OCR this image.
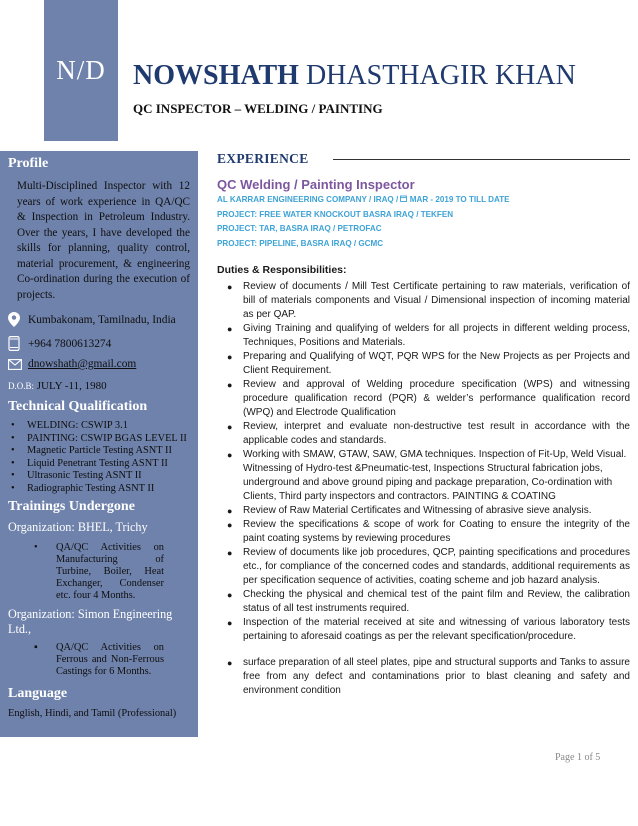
N/D NOWSHATH DHASTHAGIR KHAN
QC INSPECTOR – WELDING / PAINTING
Profile
Multi-Disciplined Inspector with 12 years of work experience in QA/QC & Inspection in Petroleum Industry. Over the years, I have developed the skills for planning, quality control, material procurement, & engineering Co-ordination during the execution of projects.
Kumbakonam, Tamilnadu, India
+964 7800613274
dnowshath@gmail.com
D.O.B: JULY -11, 1980
Technical Qualification
•	WELDING: CSWIP 3.1
•	PAINTING: CSWIP BGAS LEVEL II
•	Magnetic Particle Testing ASNT II
•	Liquid Penetrant Testing ASNT II
•	Ultrasonic Testing ASNT II
•	Radiographic Testing ASNT II
Trainings Undergone
Organization: BHEL, Trichy
•	QA/QC Activities on Manufacturing of Turbine, Boiler, Heat Exchanger, Condenser etc. four 4 Months.
Organization: Simon Engineering Ltd.,
▪	QA/QC Activities on Ferrous and Non-Ferrous Castings for 6 Months.
Language
English, Hindi, and Tamil (Professional)
EXPERIENCE
QC Welding / Painting Inspector
AL KARRAR ENGINEERING COMPANY / IRAQ / MAR - 2019 TO TILL DATE
PROJECT: FREE WATER KNOCKOUT BASRA IRAQ / TEKFEN
PROJECT: TAR, BASRA IRAQ / PETROFAC
PROJECT: PIPELINE, BASRA IRAQ / GCMC
Duties & Responsibilities:
●	Review of documents / Mill Test Certificate pertaining to raw materials, verification of bill of materials components and Visual / Dimensional inspection of incoming material as per QAP.
●	Giving Training and qualifying of welders for all projects in different welding process, Techniques, Positions and Materials.
●	Preparing and Qualifying of WQT, PQR WPS for the New Projects as per Projects and Client Requirement.
●	Review and approval of Welding procedure specification (WPS) and witnessing procedure qualification record (PQR) & welder’s performance qualification record (WPQ) and Electrode Qualification
●	Review, interpret and evaluate non-destructive test result in accordance with the applicable codes and standards.
●	Working with SMAW, GTAW, SAW, GMA techniques. Inspection of Fit-Up, Weld Visual. Witnessing of Hydro-test &Pneumatic-test, Inspections Structural fabrication jobs, underground and above ground piping and package preparation, Co-ordination with Clients, Third party inspectors and contractors. PAINTING & COATING
●	Review of Raw Material Certificates and Witnessing of abrasive sieve analysis.
●	Review the specifications & scope of work for Coating to ensure the integrity of the paint coating systems by reviewing procedures
●	Review of documents like job procedures, QCP, painting specifications and procedures etc., for compliance of the concerned codes and standards, additional requirements as per specification sequence of activities, coating scheme and job hazard analysis.
●	Checking the physical and chemical test of the paint film and Review, the calibration status of all test instruments required.
●	Inspection of the material received at site and witnessing of various laboratory tests pertaining to aforesaid coatings as per the relevant specification/procedure.
●	surface preparation of all steel plates, pipe and structural supports and Tanks to assure free from any defect and contaminations prior to blast cleaning and safety and environment condition
Page 1 of 5
